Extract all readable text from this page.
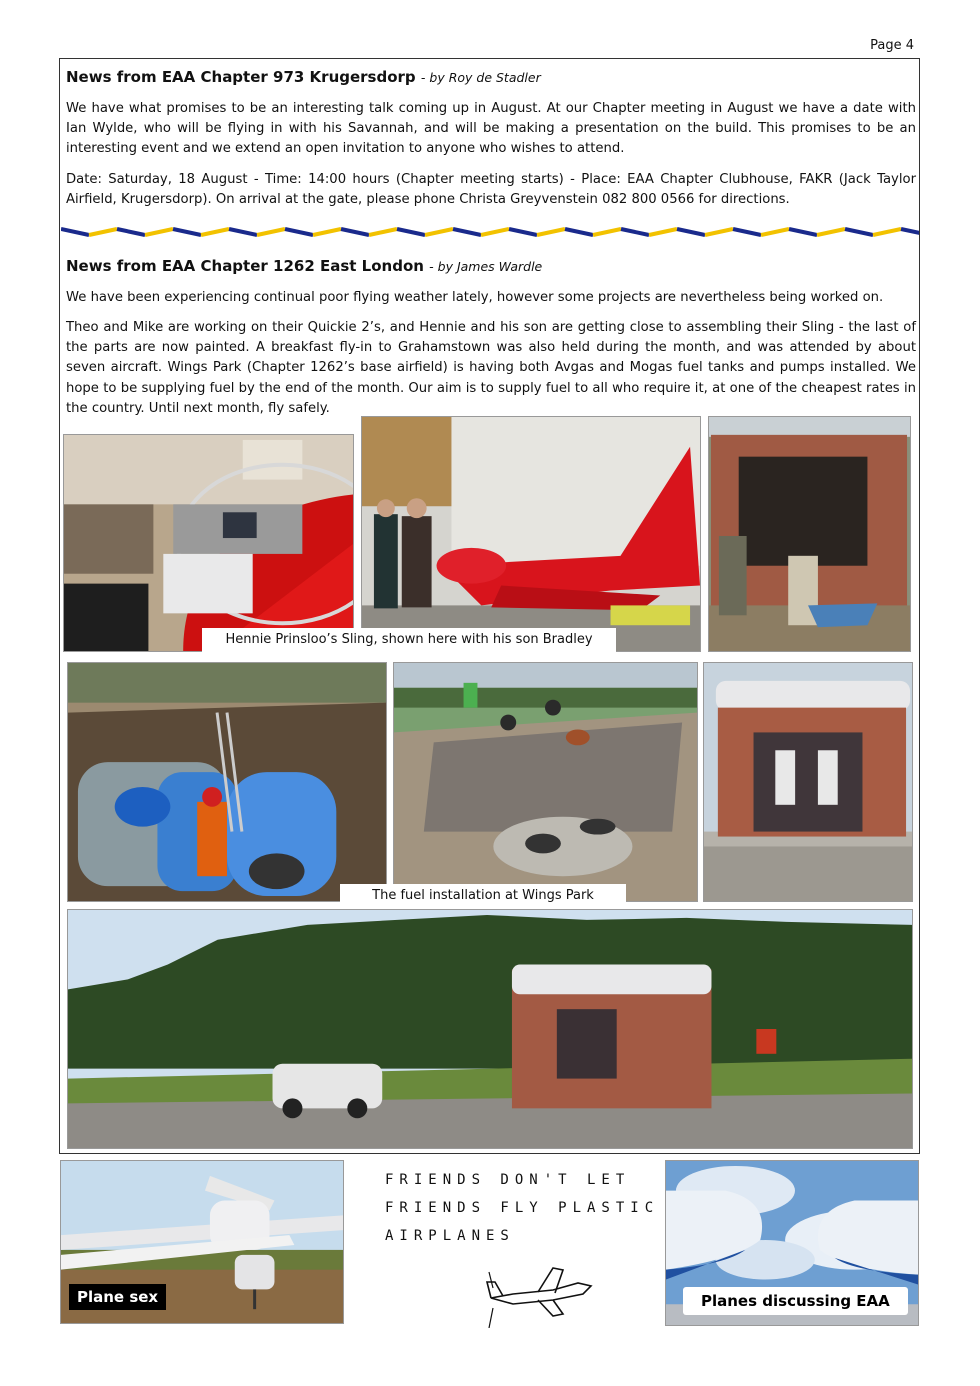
Page 4
News from EAA Chapter 973 Krugersdorp - by Roy de Stadler

We have what promises to be an interesting talk coming up in August. At our Chapter meeting in August we have a date with Ian Wylde, who will be flying in with his Savannah, and will be making a presentation on the build. This promises to be an interesting event and we extend an open invitation to anyone who wishes to attend.

Date: Saturday, 18 August - Time: 14:00 hours (Chapter meeting starts) - Place: EAA Chapter Clubhouse, FAKR (Jack Taylor Airfield, Krugersdorp). On arrival at the gate, please phone Christa Greyvenstein 082 800 0566 for directions.

News from EAA Chapter 1262 East London - by James Wardle

We have been experiencing continual poor flying weather lately, however some projects are nevertheless being worked on.

Theo and Mike are working on their Quickie 2’s, and Hennie and his son are getting close to assembling their Sling - the last of the parts are now painted. A breakfast fly-in to Grahamstown was also held during the month, and was attended by about seven aircraft. Wings Park (Chapter 1262’s base airfield) is having both Avgas and Mogas fuel tanks and pumps installed. We hope to be supplying fuel by the end of the month. Our aim is to supply fuel to all who require it, at one of the cheapest rates in the country. Until next month, fly safely.

Hennie Prinsloo’s Sling, shown here with his son Bradley
The fuel installation at Wings Park
Plane sex
FRIENDS DON'T LET
FRIENDS FLY PLASTIC
AIRPLANES
Planes discussing EAA
